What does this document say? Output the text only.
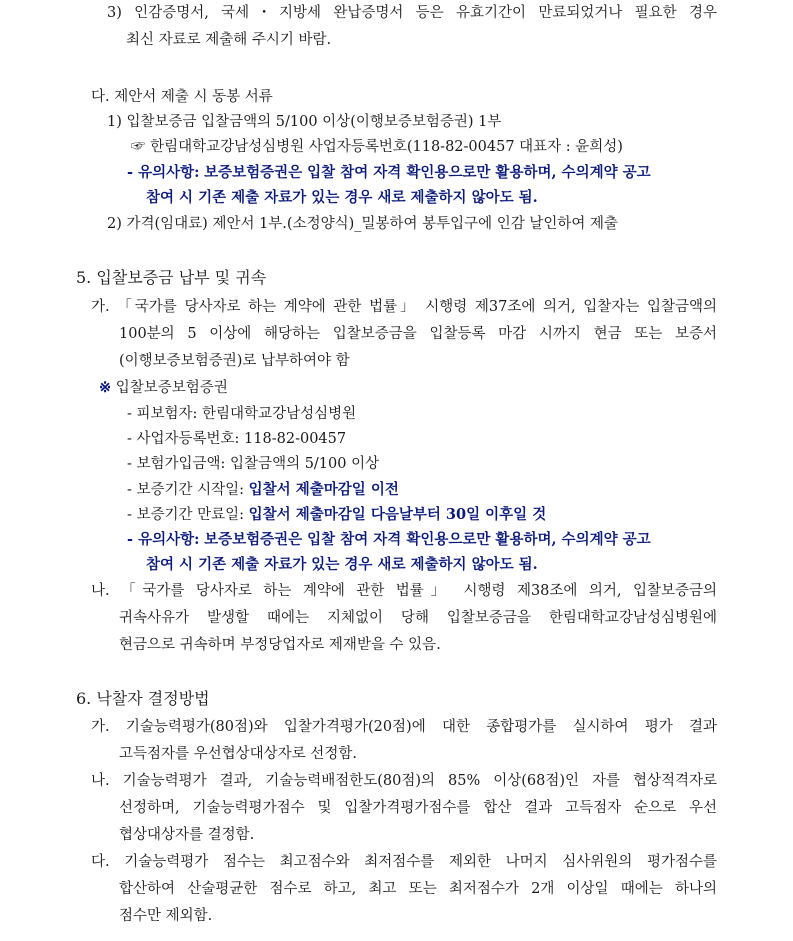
3) 인감증명서, 국세・지방세 완납증명서 등은 유효기간이 만료되었거나 필요한 경우
최신 자료로 제출해 주시기 바람.
다. 제안서 제출 시 동봉 서류
1) 입찰보증금 입찰금액의 5/100 이상(이행보증보험증권) 1부
☞ 한림대학교강남성심병원 사업자등록번호(118-82-00457 대표자 : 윤희성)
- 유의사항: 보증보험증권은 입찰 참여 자격 확인용으로만 활용하며, 수의계약 공고
참여 시 기존 제출 자료가 있는 경우 새로 제출하지 않아도 됨.
2) 가격(임대료) 제안서 1부.(소정양식)_밀봉하여 봉투입구에 인감 날인하여 제출
5. 입찰보증금 납부 및 귀속
가. 「국가를 당사자로 하는 계약에 관한 법률」 시행령 제37조에 의거, 입찰자는 입찰금액의
100분의 5 이상에 해당하는 입찰보증금을 입찰등록 마감 시까지 현금 또는 보증서
(이행보증보험증권)로 납부하여야 함
※ 입찰보증보험증권
- 피보험자: 한림대학교강남성심병원
- 사업자등록번호: 118-82-00457
- 보험가입금액: 입찰금액의 5/100 이상
- 보증기간 시작일: 입찰서 제출마감일 이전
- 보증기간 만료일: 입찰서 제출마감일 다음날부터 30일 이후일 것
- 유의사항: 보증보험증권은 입찰 참여 자격 확인용으로만 활용하며, 수의계약 공고
참여 시 기존 제출 자료가 있는 경우 새로 제출하지 않아도 됨.
나. 「국가를 당사자로 하는 계약에 관한 법률」 시행령 제38조에 의거, 입찰보증금의
귀속사유가 발생할 때에는 지체없이 당해 입찰보증금을 한림대학교강남성심병원에
현금으로 귀속하며 부정당업자로 제재받을 수 있음.
6. 낙찰자 결정방법
가. 기술능력평가(80점)와 입찰가격평가(20점)에 대한 종합평가를 실시하여 평가 결과
고득점자를 우선협상대상자로 선정함.
나. 기술능력평가 결과, 기술능력배점한도(80점)의 85% 이상(68점)인 자를 협상적격자로
선정하며, 기술능력평가점수 및 입찰가격평가점수를 합산 결과 고득점자 순으로 우선
협상대상자를 결정함.
다. 기술능력평가 점수는 최고점수와 최저점수를 제외한 나머지 심사위원의 평가점수를
합산하여 산술평균한 점수로 하고, 최고 또는 최저점수가 2개 이상일 때에는 하나의
점수만 제외함.
